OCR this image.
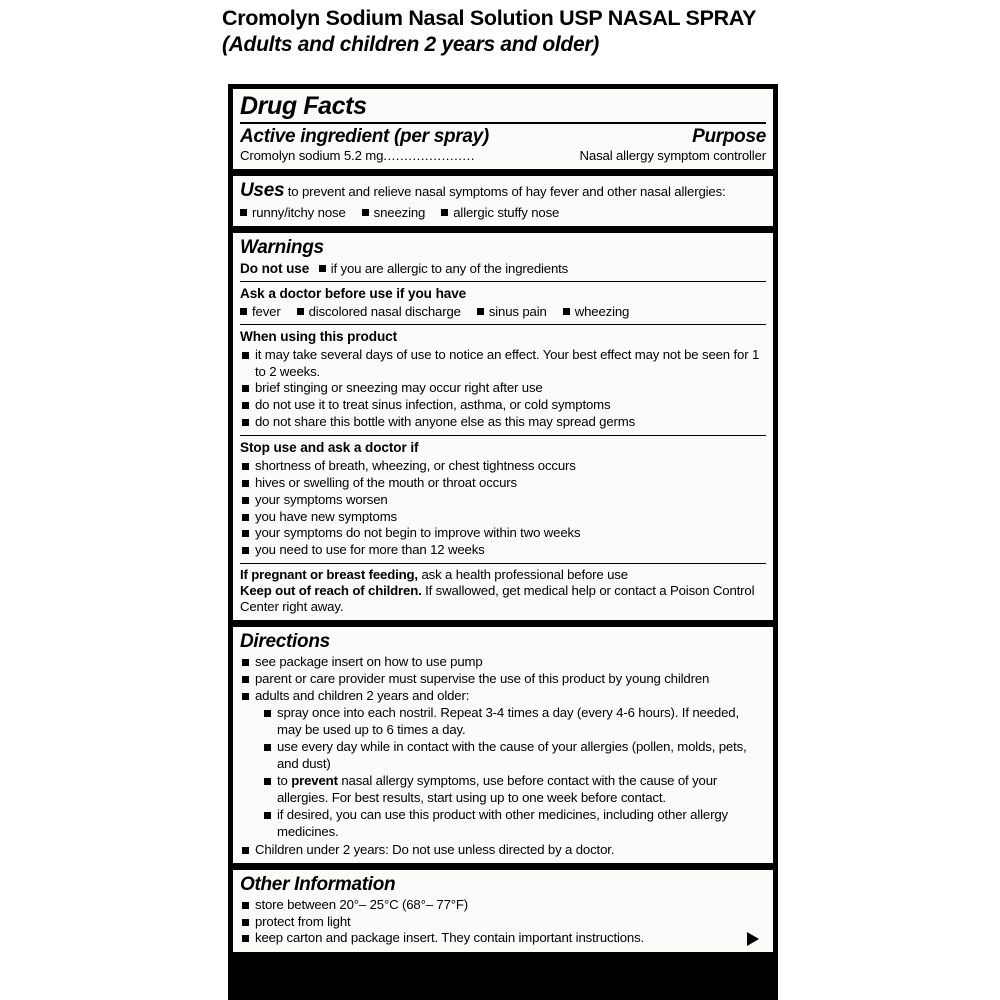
Cromolyn Sodium Nasal Solution USP NASAL SPRAY
(Adults and children 2 years and older)
Drug Facts
Active ingredient (per spray)	Purpose
Cromolyn sodium 5.2 mg ......................	Nasal allergy symptom controller
Uses to prevent and relieve nasal symptoms of hay fever and other nasal allergies: runny/itchy nose sneezing allergic stuffy nose
Warnings
Do not use if you are allergic to any of the ingredients
Ask a doctor before use if you have
fever discolored nasal discharge sinus pain wheezing
When using this product
it may take several days of use to notice an effect. Your best effect may not be seen for 1 to 2 weeks.
brief stinging or sneezing may occur right after use
do not use it to treat sinus infection, asthma, or cold symptoms
do not share this bottle with anyone else as this may spread germs
Stop use and ask a doctor if
shortness of breath, wheezing, or chest tightness occurs
hives or swelling of the mouth or throat occurs
your symptoms worsen
you have new symptoms
your symptoms do not begin to improve within two weeks
you need to use for more than 12 weeks
If pregnant or breast feeding, ask a health professional before use
Keep out of reach of children. If swallowed, get medical help or contact a Poison Control Center right away.
Directions
see package insert on how to use pump
parent or care provider must supervise the use of this product by young children
adults and children 2 years and older:
spray once into each nostril. Repeat 3-4 times a day (every 4-6 hours). If needed, may be used up to 6 times a day.
use every day while in contact with the cause of your allergies (pollen, molds, pets, and dust)
to prevent nasal allergy symptoms, use before contact with the cause of your allergies. For best results, start using up to one week before contact.
if desired, you can use this product with other medicines, including other allergy medicines.
Children under 2 years: Do not use unless directed by a doctor.
Other Information
store between 20°– 25°C (68°– 77°F)
protect from light
keep carton and package insert. They contain important instructions.
